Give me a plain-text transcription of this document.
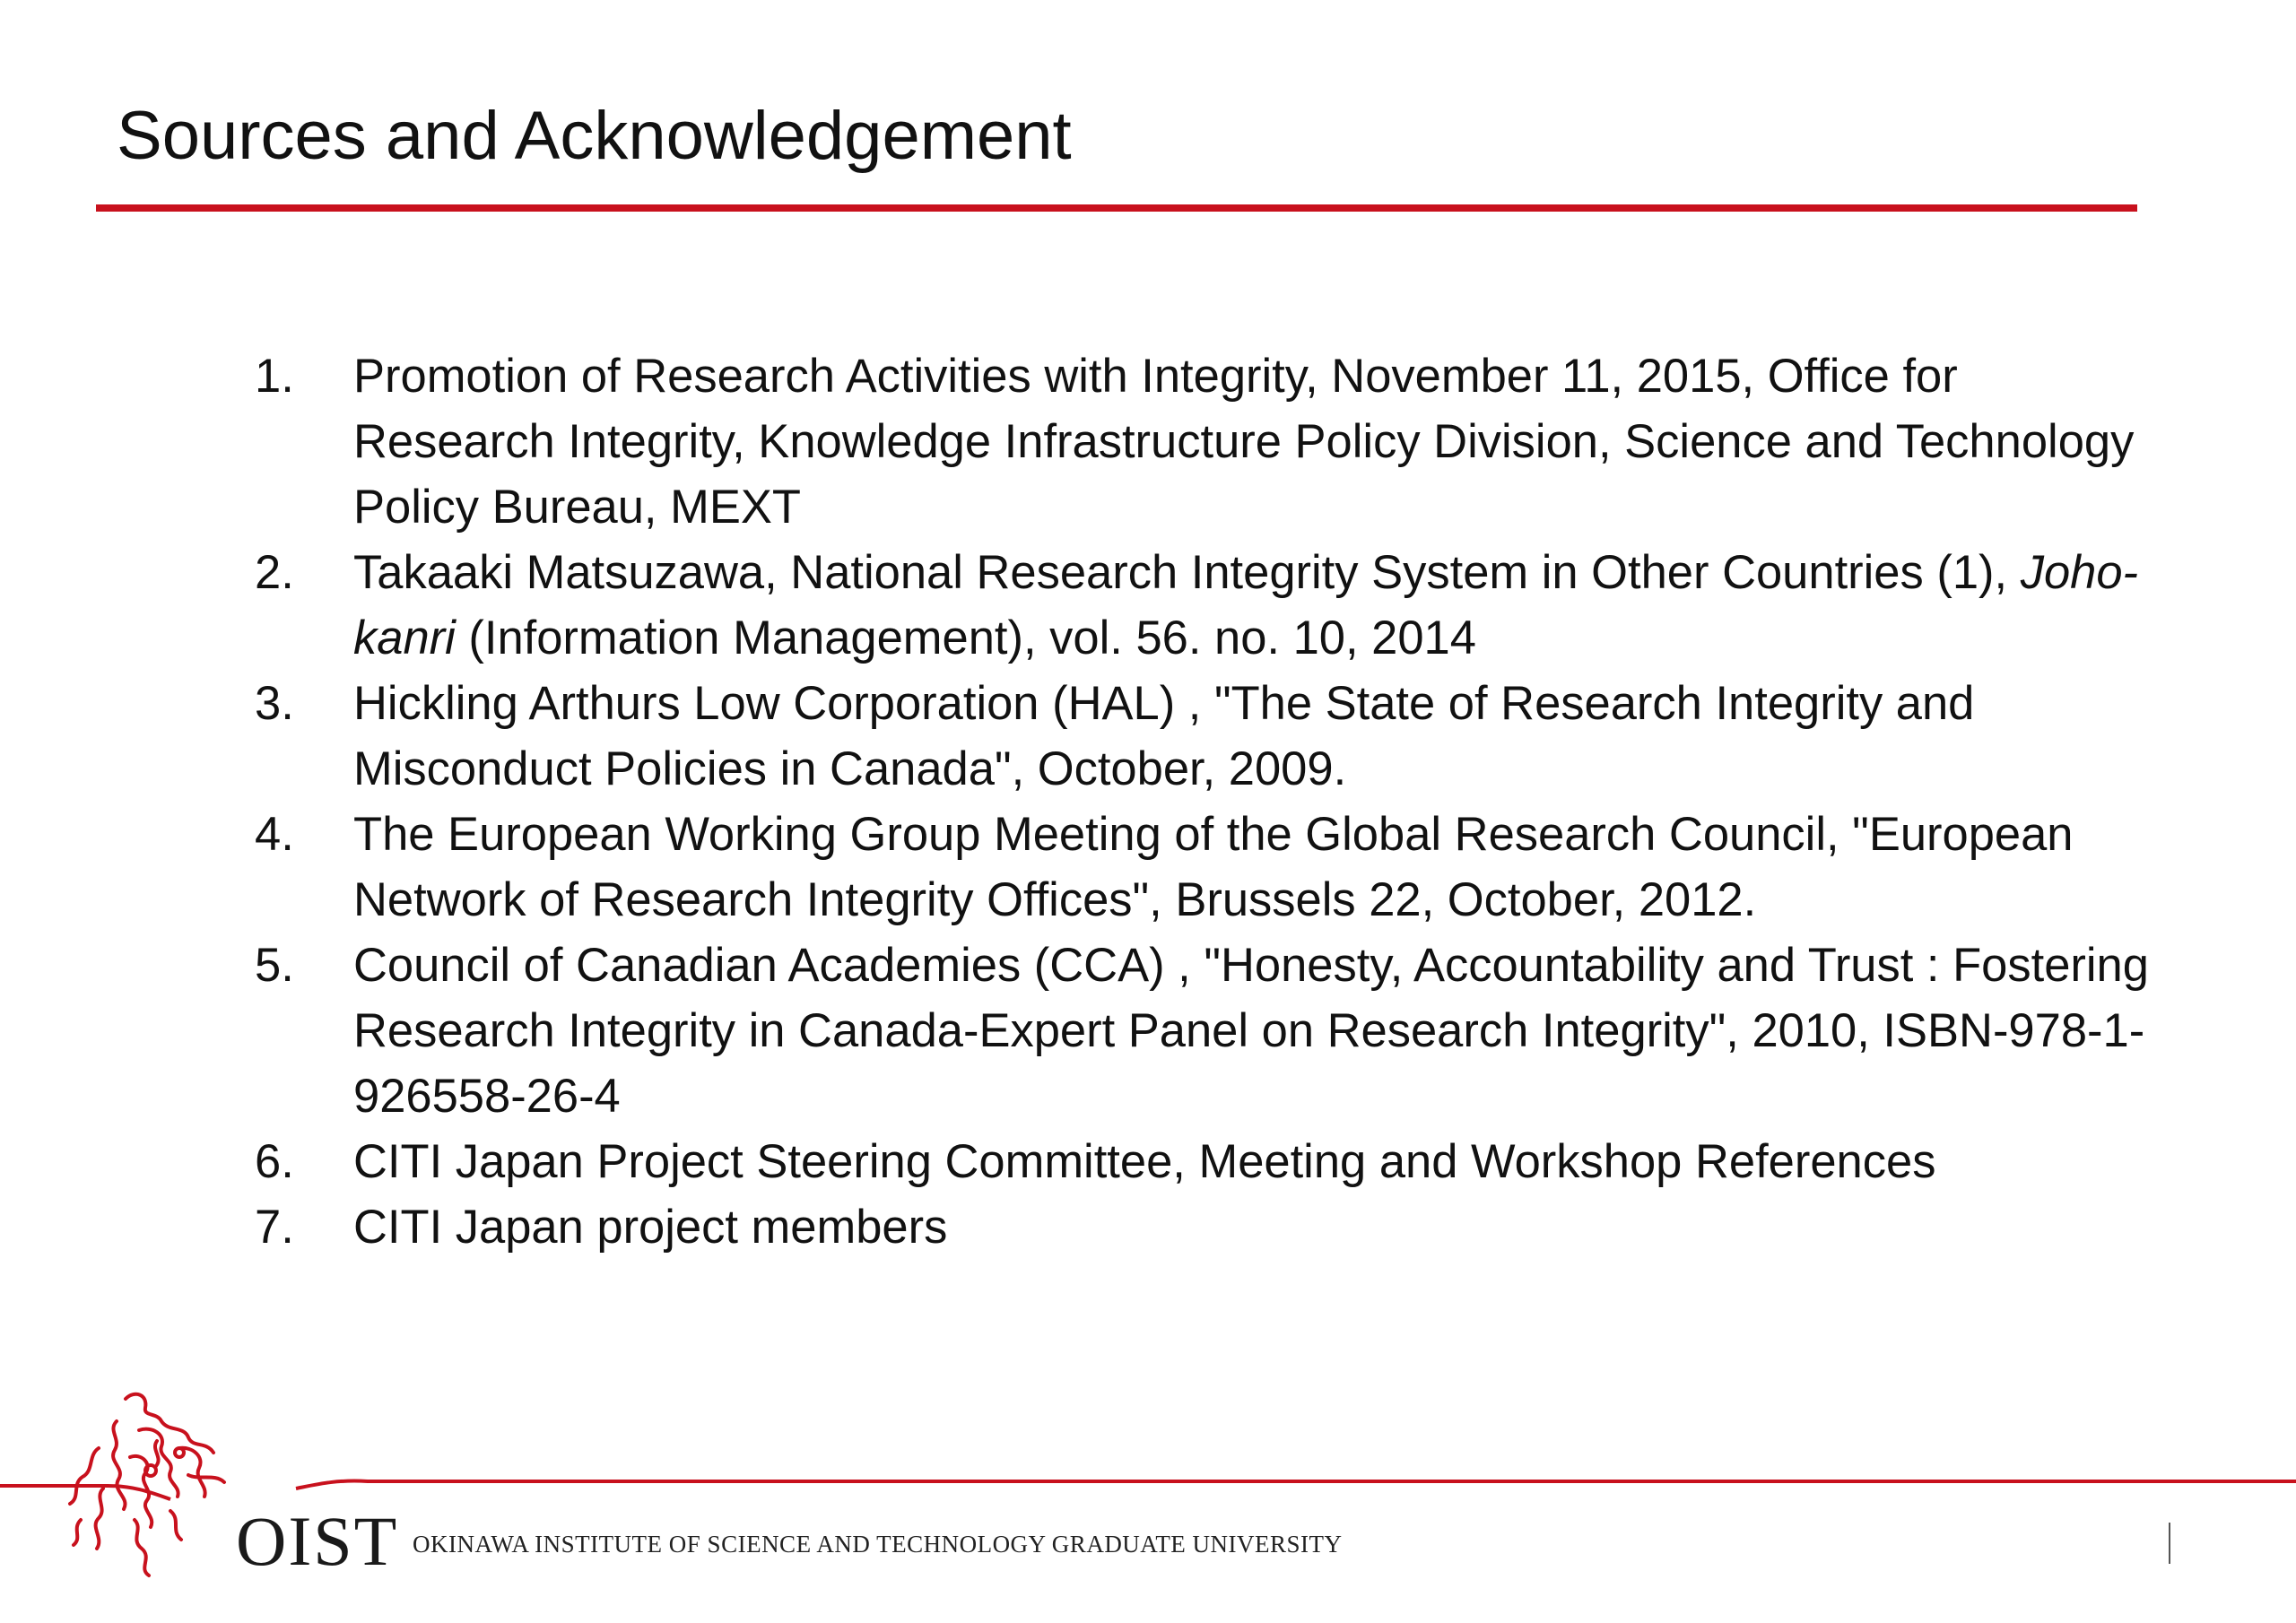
Sources and Acknowledgement
1.	Promotion of Research Activities with Integrity, November 11, 2015, Office for Research Integrity, Knowledge Infrastructure Policy Division, Science and Technology Policy Bureau, MEXT
2.	Takaaki Matsuzawa, National Research Integrity System in Other Countries (1), Joho-kanri (Information Management), vol. 56. no. 10, 2014
3.	Hickling Arthurs Low Corporation (HAL) , "The State of Research Integrity and Misconduct Policies in Canada", October, 2009.
4.	The European Working Group Meeting of the Global Research Council, "European Network of Research Integrity Offices", Brussels 22, October, 2012.
5.	Council of Canadian Academies (CCA) , "Honesty, Accountability and Trust : Fostering Research Integrity in Canada-Expert Panel on Research Integrity", 2010, ISBN-978-1-926558-26-4
6.	CITI Japan Project Steering Committee, Meeting and Workshop References
7.	CITI Japan project members
OIST OKINAWA INSTITUTE OF SCIENCE AND TECHNOLOGY GRADUATE UNIVERSITY
